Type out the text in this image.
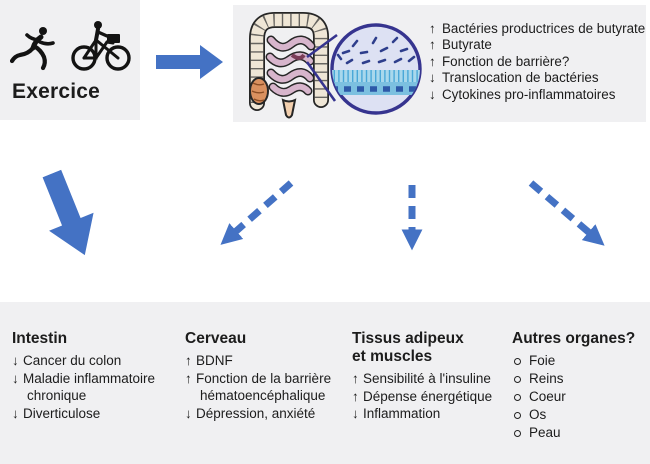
Exercice
↑ Bactéries productrices de butyrate
↑ Butyrate
↑ Fonction de barrière?
↓ Translocation de bactéries
↓ Cytokines pro-inflammatoires
Intestin
↓ Cancer du colon
↓ Maladie inflammatoire chronique
↓ Diverticulose
Cerveau
↑ BDNF
↑ Fonction de la barrière hématoencéphalique
↓ Dépression, anxiété
Tissus adipeux et muscles
↑ Sensibilité à l'insuline
↑ Dépense énergétique
↓ Inflammation
Autres organes?
Foie
Reins
Coeur
Os
Peau
